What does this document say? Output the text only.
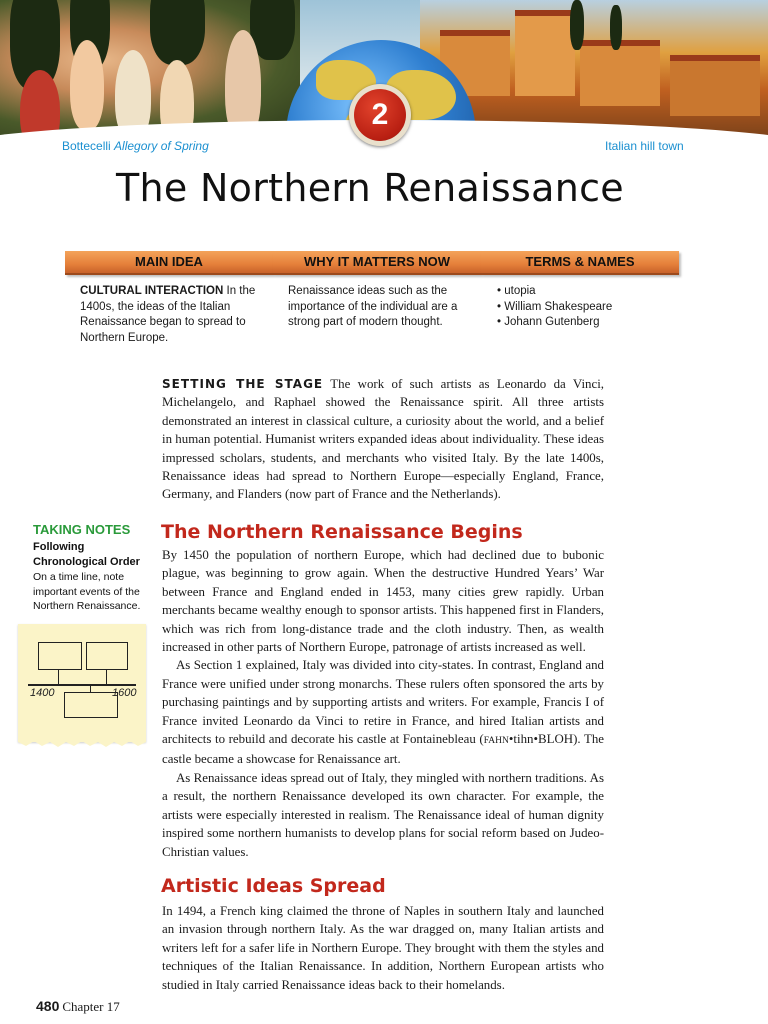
2
Bottecelli Allegory of Spring	Italian hill town
The Northern Renaissance
MAIN IDEA	WHY IT MATTERS NOW	TERMS & NAMES
CULTURAL INTERACTION In the 1400s, the ideas of the Italian Renaissance began to spread to Northern Europe.
Renaissance ideas such as the importance of the individual are a strong part of modern thought.
• utopia
• William Shakespeare
• Johann Gutenberg

SETTING THE STAGE The work of such artists as Leonardo da Vinci, Michelangelo, and Raphael showed the Renaissance spirit. All three artists demonstrated an interest in classical culture, a curiosity about the world, and a belief in human potential. Humanist writers expanded ideas about individuality. These ideas impressed scholars, students, and merchants who visited Italy. By the late 1400s, Renaissance ideas had spread to Northern Europe—especially England, France, Germany, and Flanders (now part of France and the Netherlands).

TAKING NOTES
Following Chronological Order
On a time line, note important events of the Northern Renaissance.
1400	1600
The Northern Renaissance Begins

By 1450 the population of northern Europe, which had declined due to bubonic plague, was beginning to grow again. When the destructive Hundred Years’ War between France and England ended in 1453, many cities grew rapidly. Urban merchants became wealthy enough to sponsor artists. This happened first in Flanders, which was rich from long-distance trade and the cloth industry. Then, as wealth increased in other parts of Northern Europe, patronage of artists increased as well.

As Section 1 explained, Italy was divided into city-states. In contrast, England and France were unified under strong monarchs. These rulers often sponsored the arts by purchasing paintings and by supporting artists and writers. For example, Francis I of France invited Leonardo da Vinci to retire in France, and hired Italian artists and architects to rebuild and decorate his castle at Fontainebleau (FAHN•tihn•BLOH). The castle became a showcase for Renaissance art.

As Renaissance ideas spread out of Italy, they mingled with northern traditions. As a result, the northern Renaissance developed its own character. For example, the artists were especially interested in realism. The Renaissance ideal of human dignity inspired some northern humanists to develop plans for social reform based on Judeo-Christian values.

Artistic Ideas Spread

In 1494, a French king claimed the throne of Naples in southern Italy and launched an invasion through northern Italy. As the war dragged on, many Italian artists and writers left for a safer life in Northern Europe. They brought with them the styles and techniques of the Italian Renaissance. In addition, Northern European artists who studied in Italy carried Renaissance ideas back to their homelands.

480 Chapter 17
